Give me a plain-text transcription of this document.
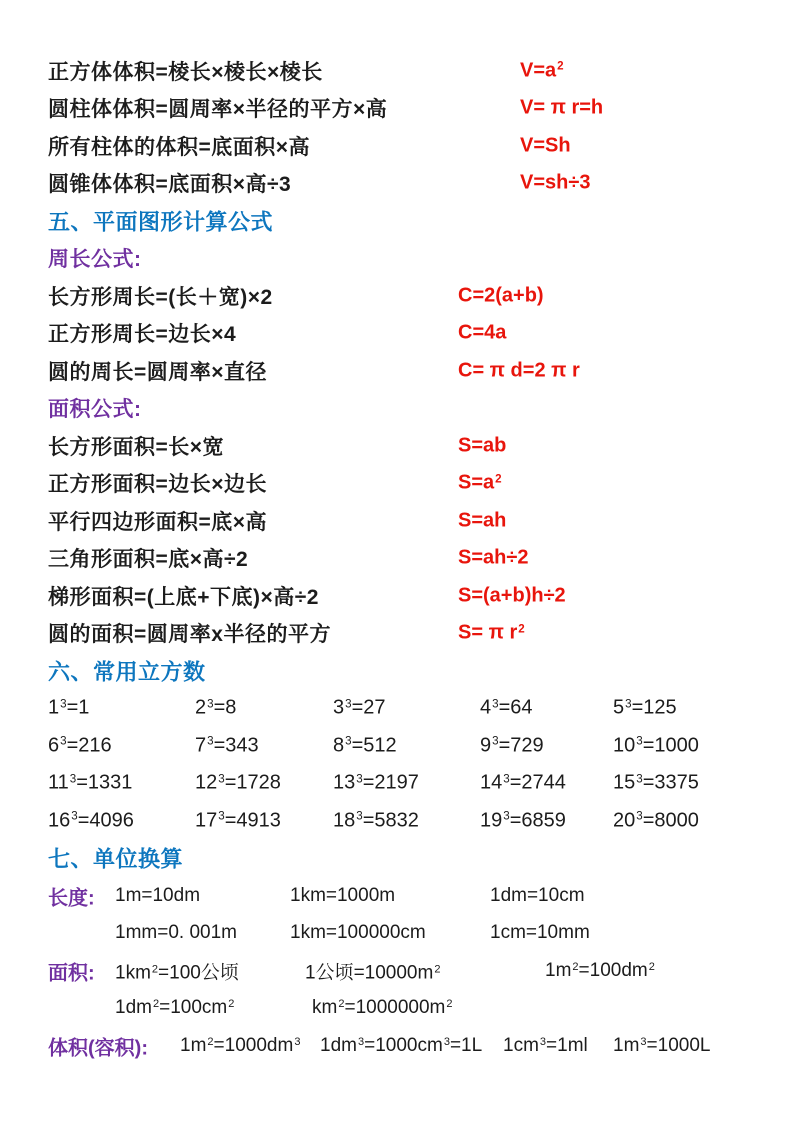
正方体体积=棱长×棱长×棱长	$V=a^2$
圆柱体体积=圆周率×半径的平方×高	V= π r=h
所有柱体的体积=底面积×高	V=Sh
圆锥体体积=底面积×高÷3	V=sh÷3
五、平面图形计算公式
周长公式:
长方形周长=(长＋宽)×2	C=2(a+b)
正方形周长=边长×4	C=4a
圆的周长=圆周率×直径	C= π d=2 π r
面积公式:
长方形面积=长×宽	S=ab
正方形面积=边长×边长	$S=a^2$
平行四边形面积=底×高	S=ah
三角形面积=底×高÷2	S=ah÷2
梯形面积=(上底+下底)×高÷2	S=(a+b)h÷2
圆的面积=圆周率x半径的平方	S= π $r^2$
六、常用立方数
$1^3=1$	$2^3=8$	$3^3=27$	$4^3=64$	$5^3=125$
$6^3=216$	$7^3=343$	$8^3=512$	$9^3=729$	$10^3=1000$
$11^3=1331$	$12^3=1728$	$13^3=2197$	$14^3=2744$ $15^3=3375$
$16^3=4096$	$17^3=4913$	$18^3=5832$	$19^3=6859$ $20^3=8000$
七、单位换算
长度: 1m=10dm	1km=1000m	1dm=10cm
1mm=0. 001m	1km=100000cm	1cm=10mm
面积: $1km^2=100$公顷	1公顷$=10000m^2$	$1m^2=100dm^2$
$1dm^2=100cm^2$	$km^2=1000000m^2$
体积(容积): $1m^2=1000dm^3$ $1dm^3=1000cm^3=1L$ $1cm^3=1ml$ $1m^3=1000L$
